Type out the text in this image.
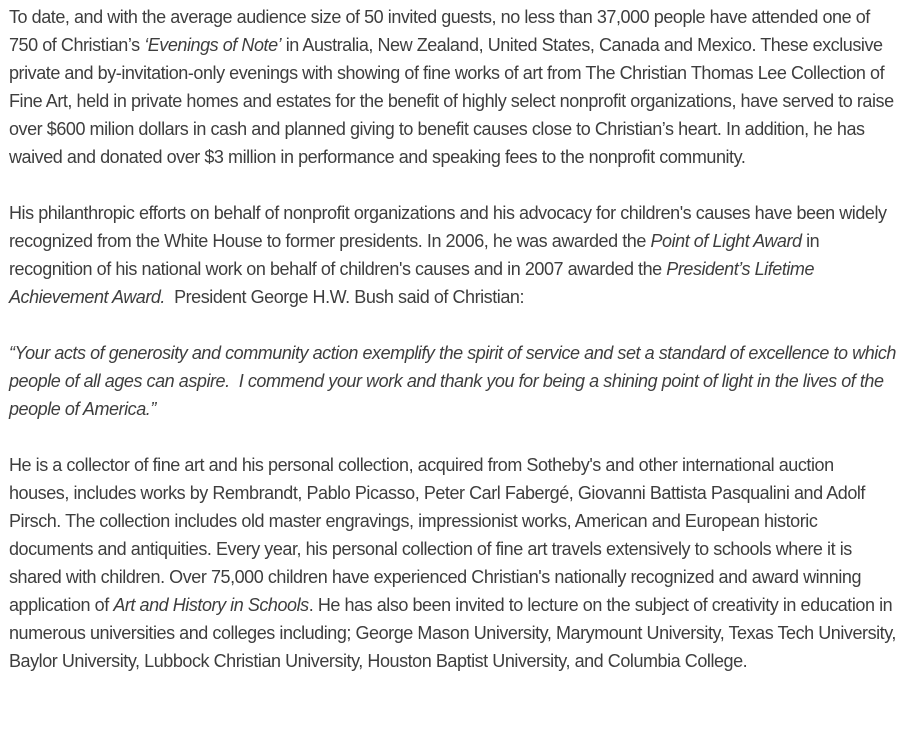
To date, and with the average audience size of 50 invited guests, no less than 37,000 people have attended one of 750 of Christian’s ‘Evenings of Note’ in Australia, New Zealand, United States, Canada and Mexico. These exclusive private and by-invitation-only evenings with showing of fine works of art from The Christian Thomas Lee Collection of Fine Art, held in private homes and estates for the benefit of highly select nonprofit organizations, have served to raise over $600 milion dollars in cash and planned giving to benefit causes close to Christian’s heart. In addition, he has waived and donated over $3 million in performance and speaking fees to the nonprofit community.

His philanthropic efforts on behalf of nonprofit organizations and his advocacy for children's causes have been widely recognized from the White House to former presidents. In 2006, he was awarded the Point of Light Award in recognition of his national work on behalf of children's causes and in 2007 awarded the President’s Lifetime Achievement Award.  President George H.W. Bush said of Christian:

“Your acts of generosity and community action exemplify the spirit of service and set a standard of excellence to which people of all ages can aspire.  I commend your work and thank you for being a shining point of light in the lives of the people of America.”

He is a collector of fine art and his personal collection, acquired from Sotheby's and other international auction houses, includes works by Rembrandt, Pablo Picasso, Peter Carl Fabergé, Giovanni Battista Pasqualini and Adolf Pirsch. The collection includes old master engravings, impressionist works, American and European historic documents and antiquities. Every year, his personal collection of fine art travels extensively to schools where it is shared with children. Over 75,000 children have experienced Christian's nationally recognized and award winning application of Art and History in Schools. He has also been invited to lecture on the subject of creativity in education in numerous universities and colleges including; George Mason University, Marymount University, Texas Tech University, Baylor University, Lubbock Christian University, Houston Baptist University, and Columbia College.
